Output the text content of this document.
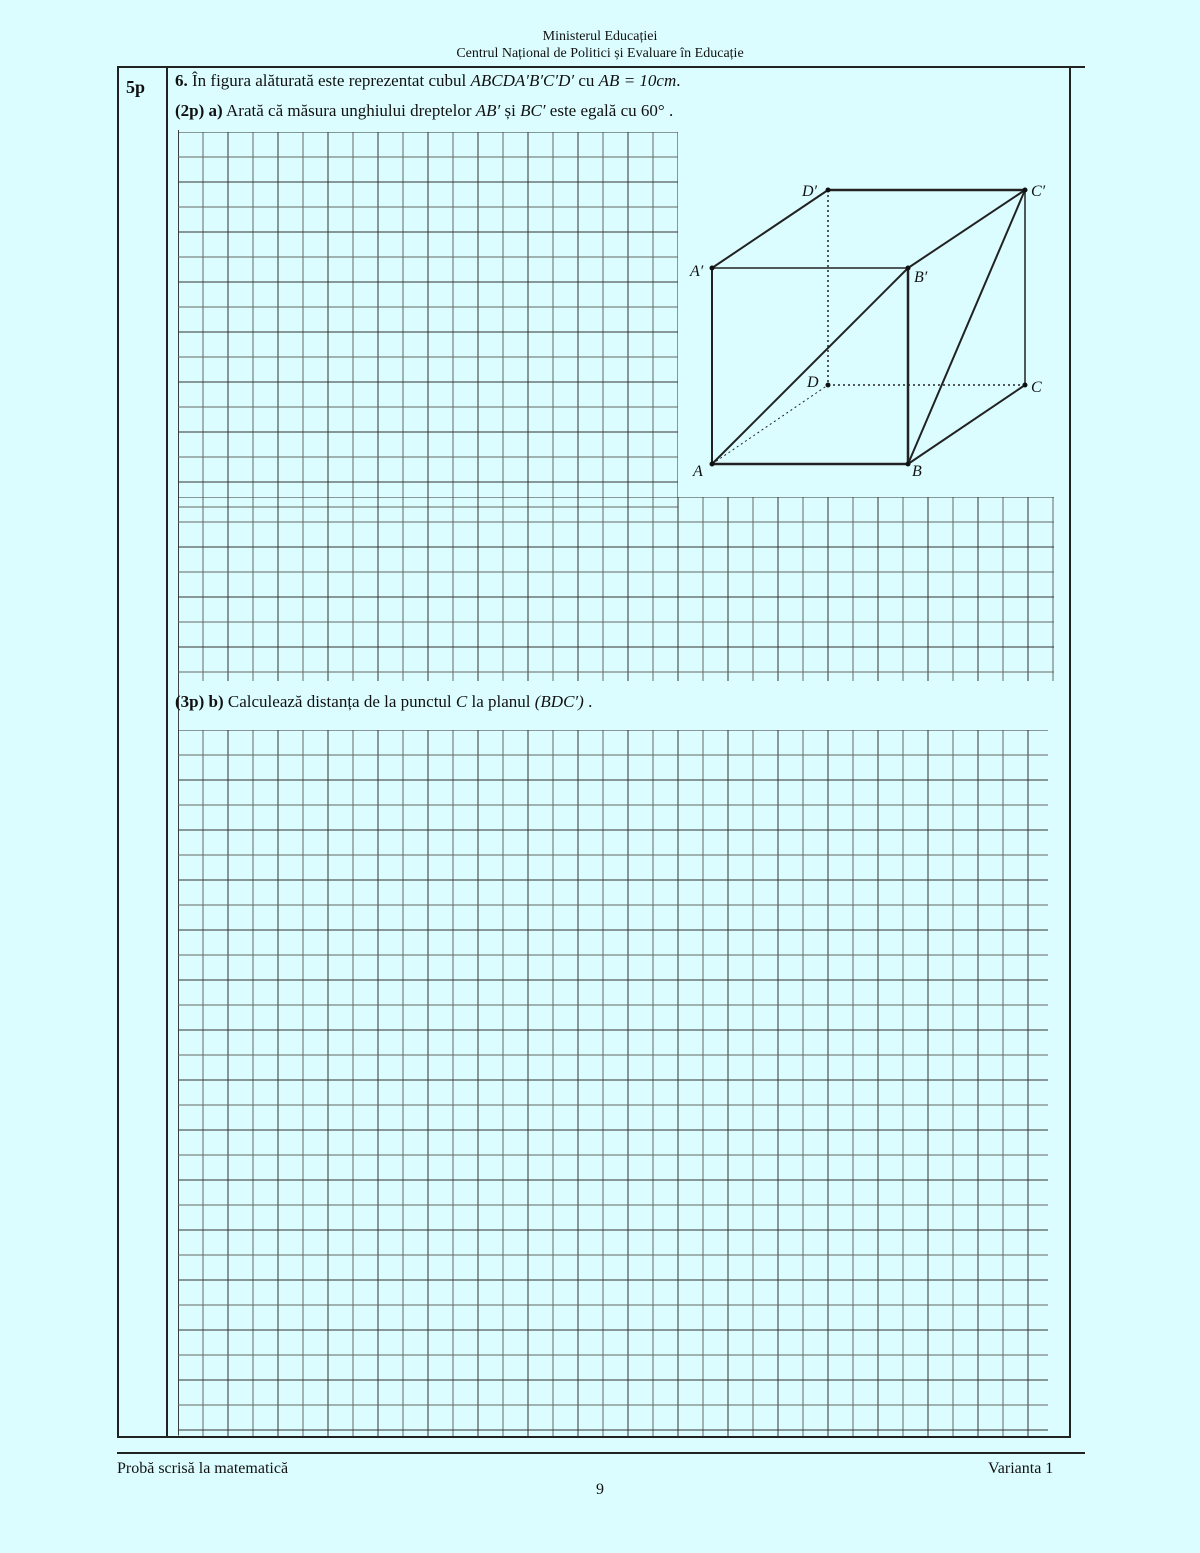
Ministerul Educației
Centrul Național de Politici și Evaluare în Educație
5p 6. În figura alăturată este reprezentat cubul ABCDA′B′C′D′ cu AB = 10cm.
(2p) a) Arată că măsura unghiului dreptelor AB′ și BC′ este egală cu 60° .
D′	C′
A′	B′
D	C
A	B
(3p) b) Calculează distanța de la punctul C la planul (BDC′) .
Probă scrisă la matematică	Varianta 1
9
